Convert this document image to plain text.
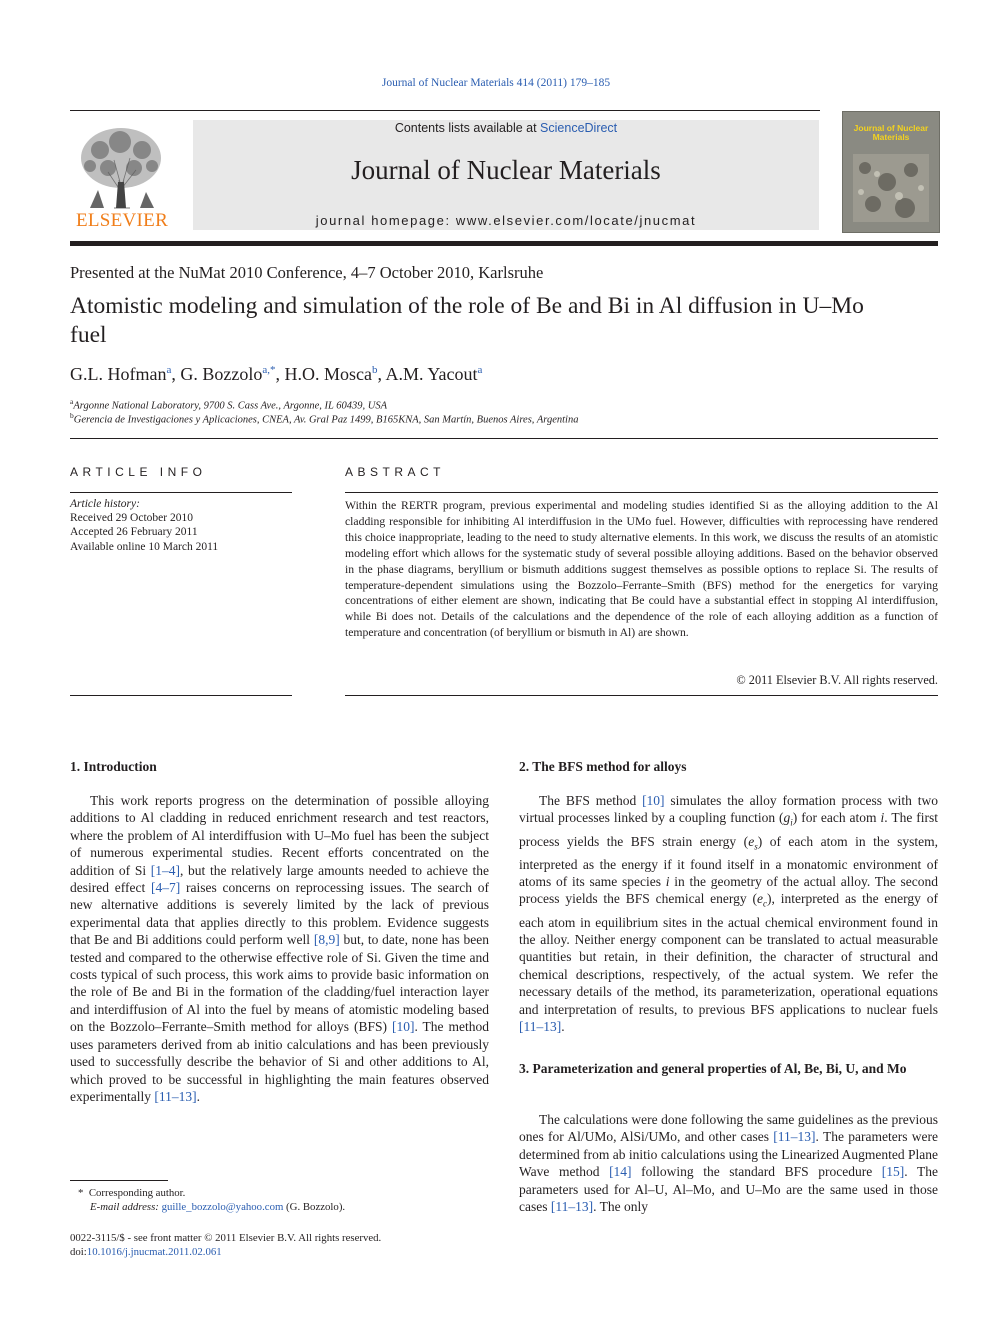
Journal of Nuclear Materials 414 (2011) 179–185
ELSEVIER
Contents lists available at ScienceDirect
Journal of Nuclear Materials
journal homepage: www.elsevier.com/locate/jnucmat
Journal of Nuclear Materials
Presented at the NuMat 2010 Conference, 4–7 October 2010, Karlsruhe
Atomistic modeling and simulation of the role of Be and Bi in Al diffusion in U–Mo fuel
G.L. Hofman$^a$, G. Bozzolo$^{a,*}$, H.O. Mosca$^b$, A.M. Yacout$^a$
$^a$Argonne National Laboratory, 9700 S. Cass Ave., Argonne, IL 60439, USA
$^b$Gerencia de Investigaciones y Aplicaciones, CNEA, Av. Gral Paz 1499, B165KNA, San Martín, Buenos Aires, Argentina
ARTICLE INFO
Article history:
Received 29 October 2010
Accepted 26 February 2011
Available online 10 March 2011
ABSTRACT
Within the RERTR program, previous experimental and modeling studies identified Si as the alloying addition to the Al cladding responsible for inhibiting Al interdiffusion in the UMo fuel. However, difficulties with reprocessing have rendered this choice inappropriate, leading to the need to study alternative elements. In this work, we discuss the results of an atomistic modeling effort which allows for the systematic study of several possible alloying additions. Based on the behavior observed in the phase diagrams, beryllium or bismuth additions suggest themselves as possible options to replace Si. The results of temperature-dependent simulations using the Bozzolo–Ferrante–Smith (BFS) method for the energetics for varying concentrations of either element are shown, indicating that Be could have a substantial effect in stopping Al interdiffusion, while Bi does not. Details of the calculations and the dependence of the role of each alloying addition as a function of temperature and concentration (of beryllium or bismuth in Al) are shown.
© 2011 Elsevier B.V. All rights reserved.
1. Introduction

This work reports progress on the determination of possible alloying additions to Al cladding in reduced enrichment research and test reactors, where the problem of Al interdiffusion with U–Mo fuel has been the subject of numerous experimental studies. Recent efforts concentrated on the addition of Si [1–4], but the relatively large amounts needed to achieve the desired effect [4–7] raises concerns on reprocessing issues. The search of new alternative additions is severely limited by the lack of previous experimental data that applies directly to this problem. Evidence suggests that Be and Bi additions could perform well [8,9] but, to date, none has been tested and compared to the otherwise effective role of Si. Given the time and costs typical of such process, this work aims to provide basic information on the role of Be and Bi in the formation of the cladding/fuel interaction layer and interdiffusion of Al into the fuel by means of atomistic modeling based on the Bozzolo–Ferrante–Smith method for alloys (BFS) [10]. The method uses parameters derived from ab initio calculations and has been previously used to successfully describe the behavior of Si and other additions to Al, which proved to be successful in highlighting the main features observed experimentally [11–13].

* Corresponding author.
E-mail address: guille_bozzolo@yahoo.com (G. Bozzolo).
0022-3115/$ - see front matter © 2011 Elsevier B.V. All rights reserved.
doi:10.1016/j.jnucmat.2011.02.061
2. The BFS method for alloys

The BFS method [10] simulates the alloy formation process with two virtual processes linked by a coupling function $(g_i)$ for each atom i. The first process yields the BFS strain energy $(e_s)$ of each atom in the system, interpreted as the energy if it found itself in a monatomic environment of atoms of its same species i in the geometry of the actual alloy. The second process yields the BFS chemical energy $(e_c)$, interpreted as the energy of each atom in equilibrium sites in the actual chemical environment found in the alloy. Neither energy component can be translated to actual measurable quantities but retain, in their definition, the character of structural and chemical descriptions, respectively, of the actual system. We refer the necessary details of the method, its parameterization, operational equations and interpretation of results, to previous BFS applications to nuclear fuels [11–13].

3. Parameterization and general properties of Al, Be, Bi, U, and Mo

The calculations were done following the same guidelines as the previous ones for Al/UMo, AlSi/UMo, and other cases [11–13]. The parameters were determined from ab initio calculations using the Linearized Augmented Plane Wave method [14] following the standard BFS procedure [15]. The parameters used for Al–U, Al–Mo, and U–Mo are the same used in those cases [11–13]. The only
